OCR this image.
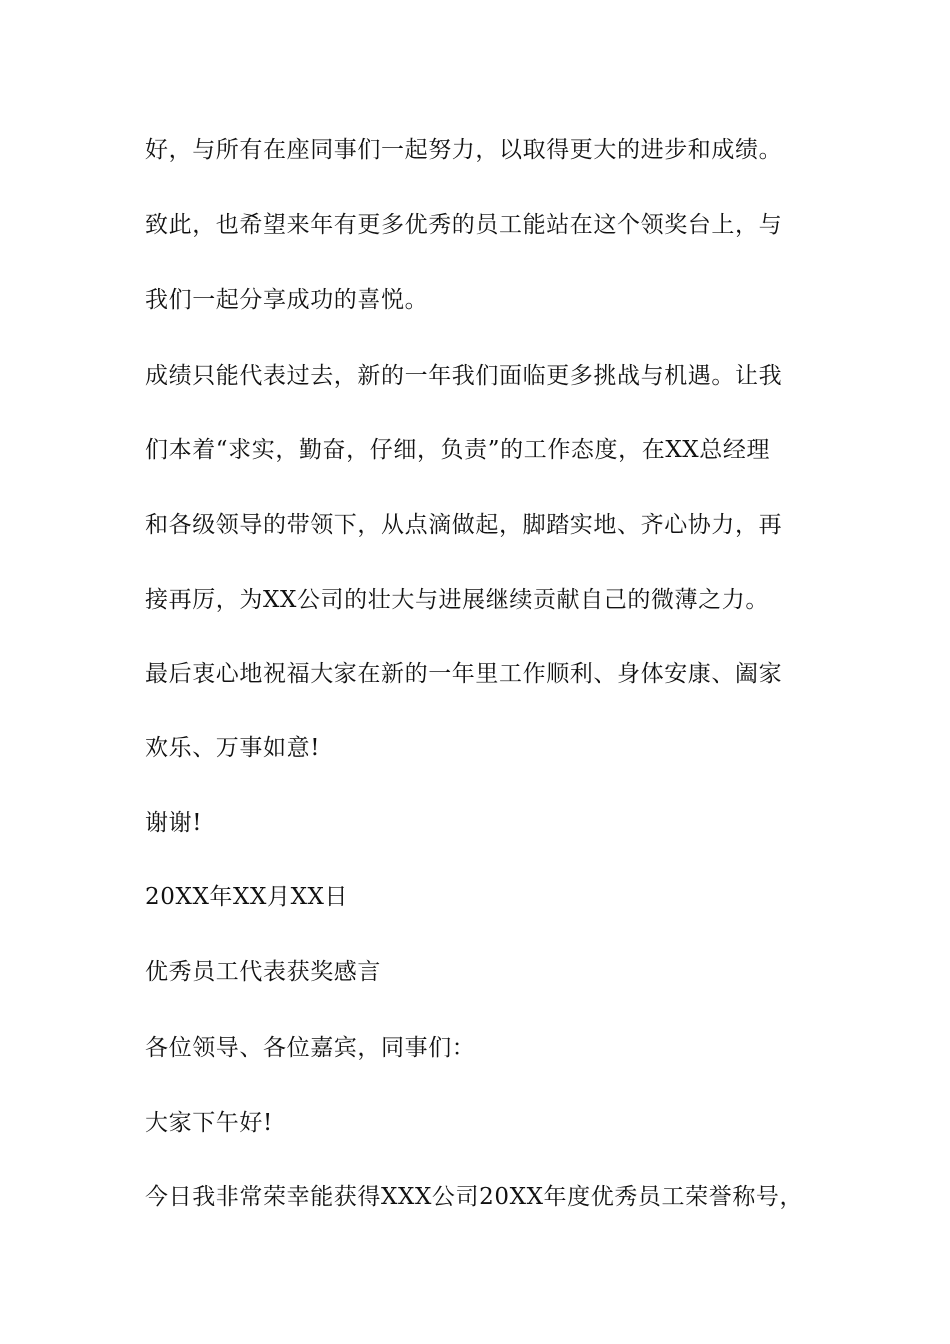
好，与所有在座同事们一起努力，以取得更大的进步和成绩。
致此，也希望来年有更多优秀的员工能站在这个领奖台上，与
我们一起分享成功的喜悦。
成绩只能代表过去，新的一年我们面临更多挑战与机遇。让我
们本着“求实，勤奋，仔细，负责”的工作态度，在XX总经理
和各级领导的带领下，从点滴做起，脚踏实地、齐心协力，再
接再厉，为XX公司的壮大与进展继续贡献自己的微薄之力。
最后衷心地祝福大家在新的一年里工作顺利、身体安康、阖家
欢乐、万事如意!
谢谢!
20XX年XX月XX日
优秀员工代表获奖感言
各位领导、各位嘉宾，同事们：
大家下午好!
今日我非常荣幸能获得XXX公司20XX年度优秀员工荣誉称号，
